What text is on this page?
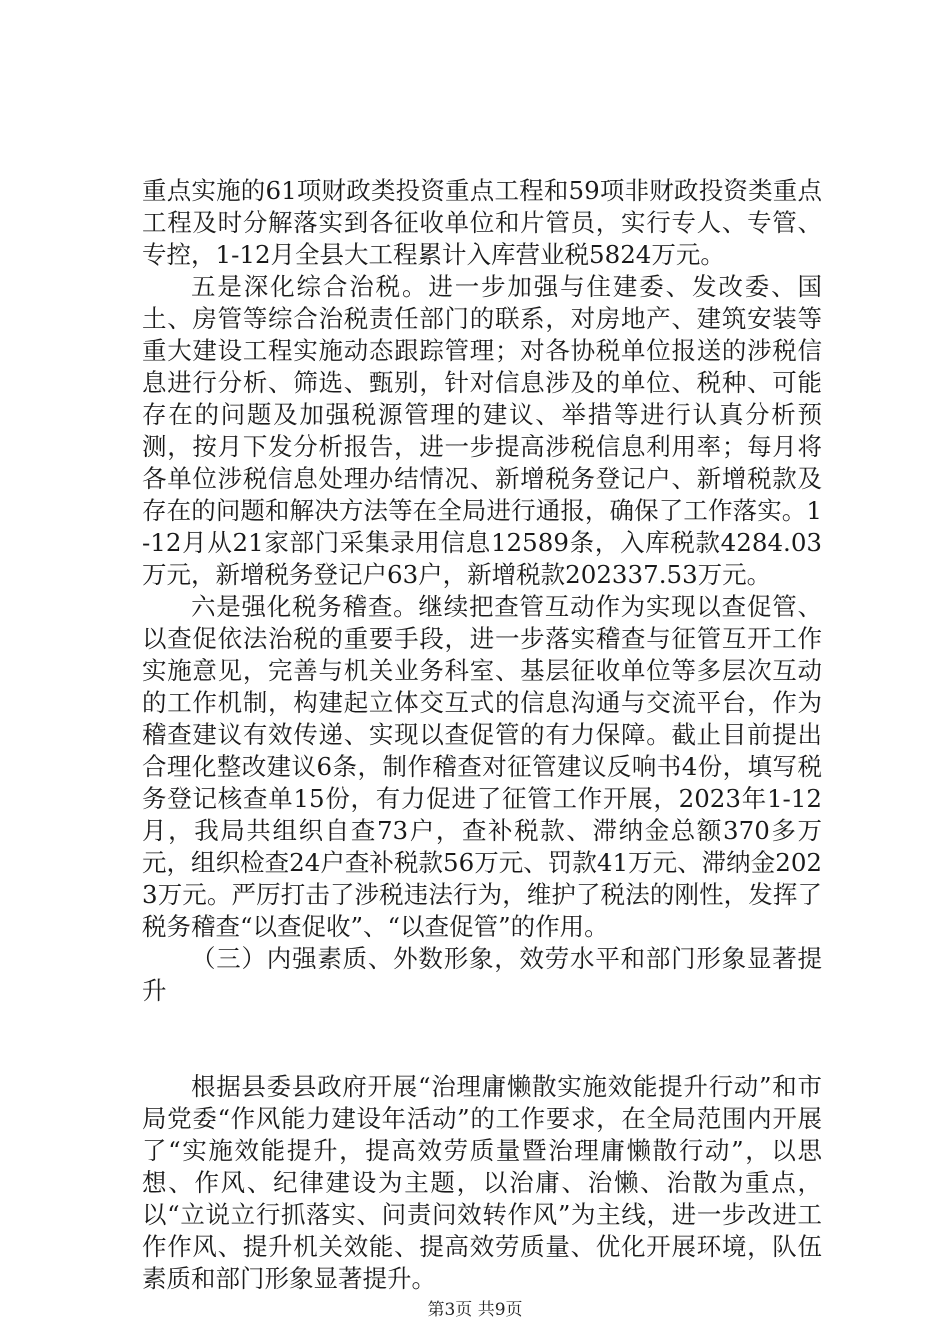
重点实施的61项财政类投资重点工程和59项非财政投资类重点工程及时分解落实到各征收单位和片管员，实行专人、专管、专控，1-12月全县大工程累计入库营业税5824万元。

五是深化综合治税。进一步加强与住建委、发改委、国土、房管等综合治税责任部门的联系，对房地产、建筑安装等重大建设工程实施动态跟踪管理；对各协税单位报送的涉税信息进行分析、筛选、甄别，针对信息涉及的单位、税种、可能存在的问题及加强税源管理的建议、举措等进行认真分析预测，按月下发分析报告，进一步提高涉税信息利用率；每月将各单位涉税信息处理办结情况、新增税务登记户、新增税款及存在的问题和解决方法等在全局进行通报，确保了工作落实。1-12月从21家部门采集录用信息12589条，入库税款4284.03万元，新增税务登记户63户，新增税款202337.53万元。

六是强化税务稽查。继续把查管互动作为实现以查促管、以查促依法治税的重要手段，进一步落实稽查与征管互开工作实施意见，完善与机关业务科室、基层征收单位等多层次互动的工作机制，构建起立体交互式的信息沟通与交流平台，作为稽查建议有效传递、实现以查促管的有力保障。截止目前提出合理化整改建议6条，制作稽查对征管建议反响书4份，填写税务登记核查单15份，有力促进了征管工作开展，2023年1-12月，我局共组织自查73户，查补税款、滞纳金总额370多万元，组织检查24户查补税款56万元、罚款41万元、滞纳金2023万元。严厉打击了涉税违法行为，维护了税法的刚性，发挥了税务稽查“以查促收”、“以查促管”的作用。

（三）内强素质、外数形象，效劳水平和部门形象显著提升

根据县委县政府开展“治理庸懒散实施效能提升行动”和市局党委“作风能力建设年活动”的工作要求，在全局范围内开展了“实施效能提升，提高效劳质量暨治理庸懒散行动”，以思想、作风、纪律建设为主题，以治庸、治懒、治散为重点，以“立说立行抓落实、问责问效转作风”为主线，进一步改进工作作风、提升机关效能、提高效劳质量、优化开展环境，队伍素质和部门形象显著提升。

第3页 共9页
